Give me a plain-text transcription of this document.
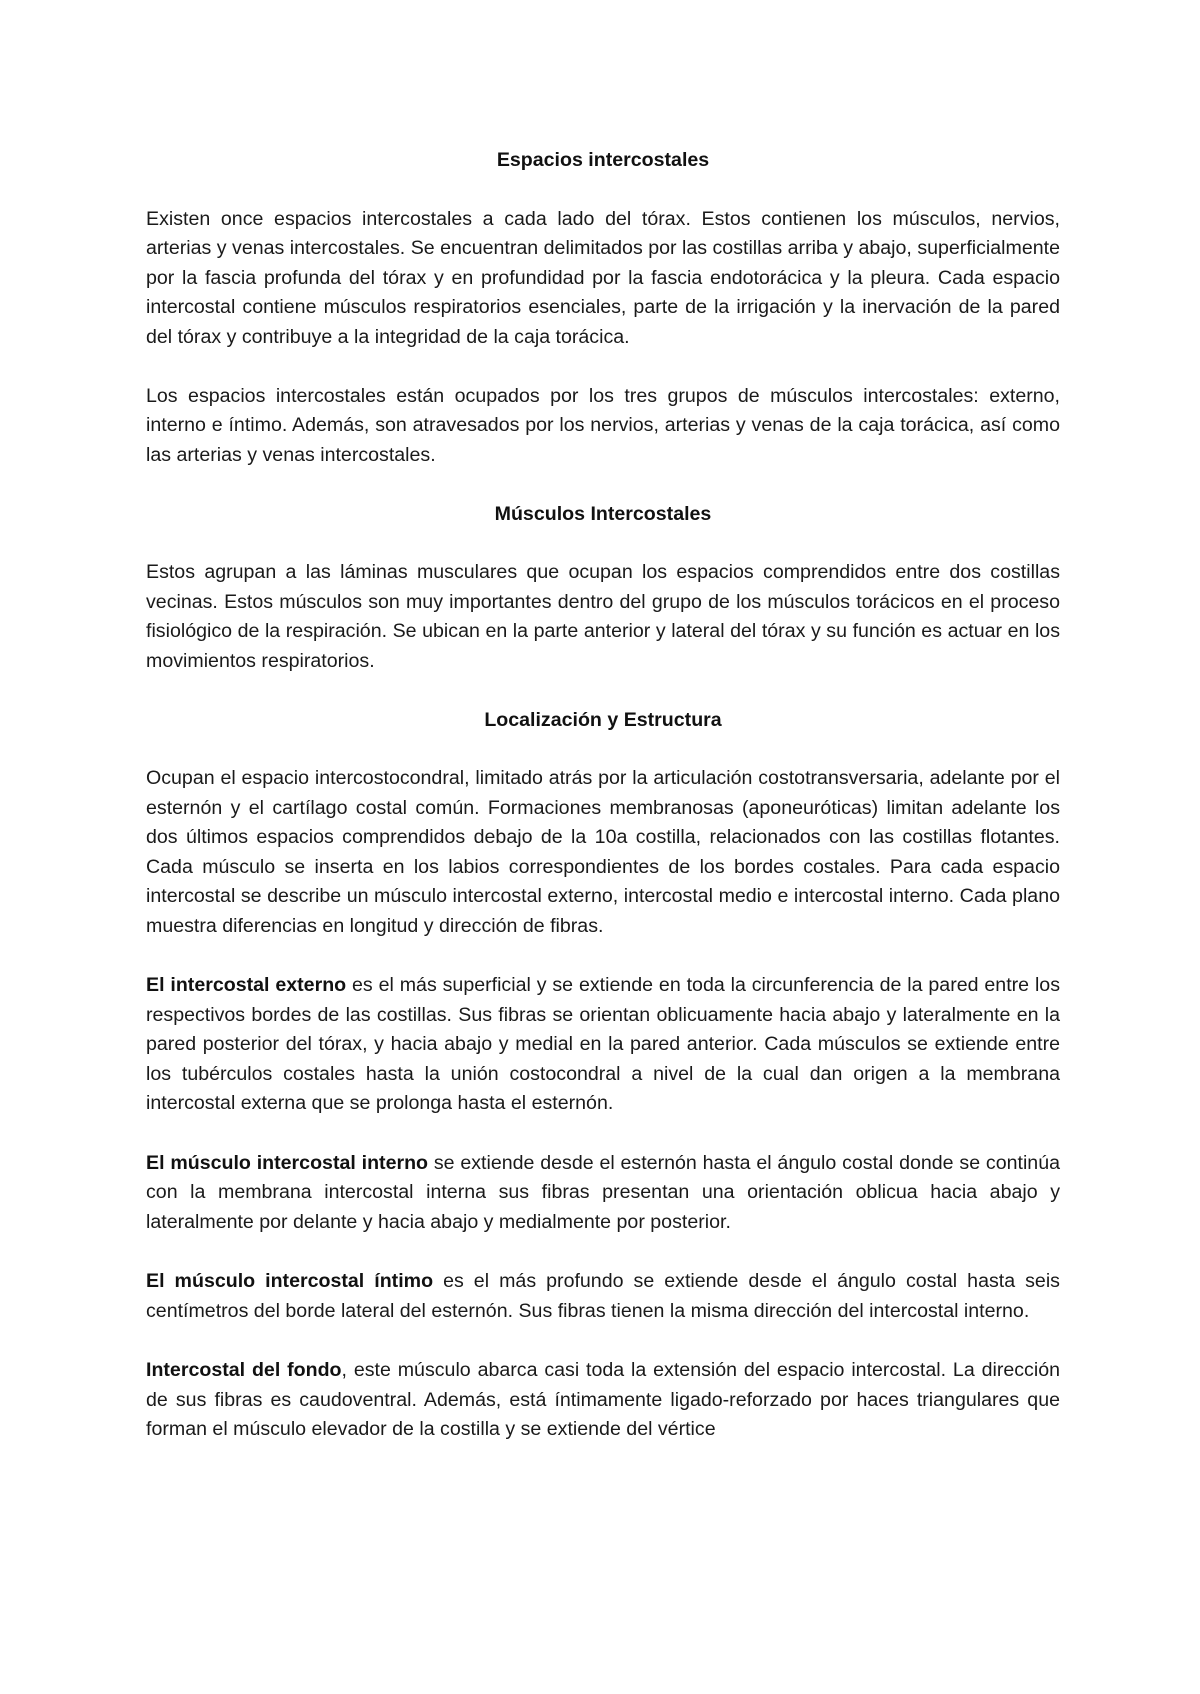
Espacios intercostales

Existen once espacios intercostales a cada lado del tórax. Estos contienen los músculos, nervios, arterias y venas intercostales. Se encuentran delimitados por las costillas arriba y abajo, superficialmente por la fascia profunda del tórax y en profundidad por la fascia endotorácica y la pleura. Cada espacio intercostal contiene músculos respiratorios esenciales, parte de la irrigación y la inervación de la pared del tórax y contribuye a la integridad de la caja torácica.

Los espacios intercostales están ocupados por los tres grupos de músculos intercostales: externo, interno e íntimo. Además, son atravesados por los nervios, arterias y venas de la caja torácica, así como las arterias y venas intercostales.

Músculos Intercostales

Estos agrupan a las láminas musculares que ocupan los espacios comprendidos entre dos costillas vecinas. Estos músculos son muy importantes dentro del grupo de los músculos torácicos en el proceso fisiológico de la respiración. Se ubican en la parte anterior y lateral del tórax y su función es actuar en los movimientos respiratorios.

Localización y Estructura

Ocupan el espacio intercostocondral, limitado atrás por la articulación costotransversaria, adelante por el esternón y el cartílago costal común. Formaciones membranosas (aponeuróticas) limitan adelante los dos últimos espacios comprendidos debajo de la 10a costilla, relacionados con las costillas flotantes. Cada músculo se inserta en los labios correspondientes de los bordes costales. Para cada espacio intercostal se describe un músculo intercostal externo, intercostal medio e intercostal interno. Cada plano muestra diferencias en longitud y dirección de fibras.

El intercostal externo es el más superficial y se extiende en toda la circunferencia de la pared entre los respectivos bordes de las costillas. Sus fibras se orientan oblicuamente hacia abajo y lateralmente en la pared posterior del tórax, y hacia abajo y medial en la pared anterior. Cada músculos se extiende entre los tubérculos costales hasta la unión costocondral a nivel de la cual dan origen a la membrana intercostal externa que se prolonga hasta el esternón.

El músculo intercostal interno se extiende desde el esternón hasta el ángulo costal donde se continúa con la membrana intercostal interna sus fibras presentan una orientación oblicua hacia abajo y lateralmente por delante y hacia abajo y medialmente por posterior.

El músculo intercostal íntimo es el más profundo se extiende desde el ángulo costal hasta seis centímetros del borde lateral del esternón. Sus fibras tienen la misma dirección del intercostal interno.

Intercostal del fondo, este músculo abarca casi toda la extensión del espacio intercostal. La dirección de sus fibras es caudoventral. Además, está íntimamente ligado-reforzado por haces triangulares que forman el músculo elevador de la costilla y se extiende del vértice
